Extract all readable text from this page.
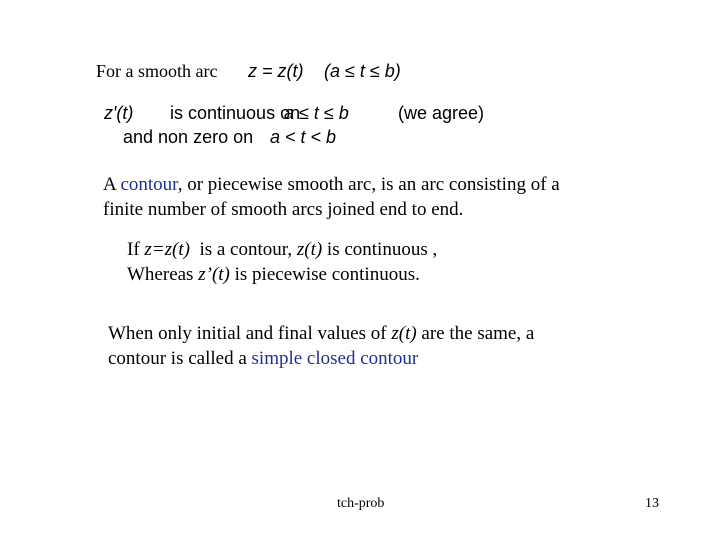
For a smooth arc z = z(t) (a ≤ t ≤ b)
z′(t) is continuous on
a ≤ t ≤ b	(we agree)
and non zero on a < t < b
A contour, or piecewise smooth arc, is an arc consisting of a
finite number of smooth arcs joined end to end.
If z=z(t)  is a contour, z(t) is continuous ,
Whereas z’(t) is piecewise continuous.
When only initial and final values of z(t) are the same, a
contour is called a simple closed contour
tch-prob	13
